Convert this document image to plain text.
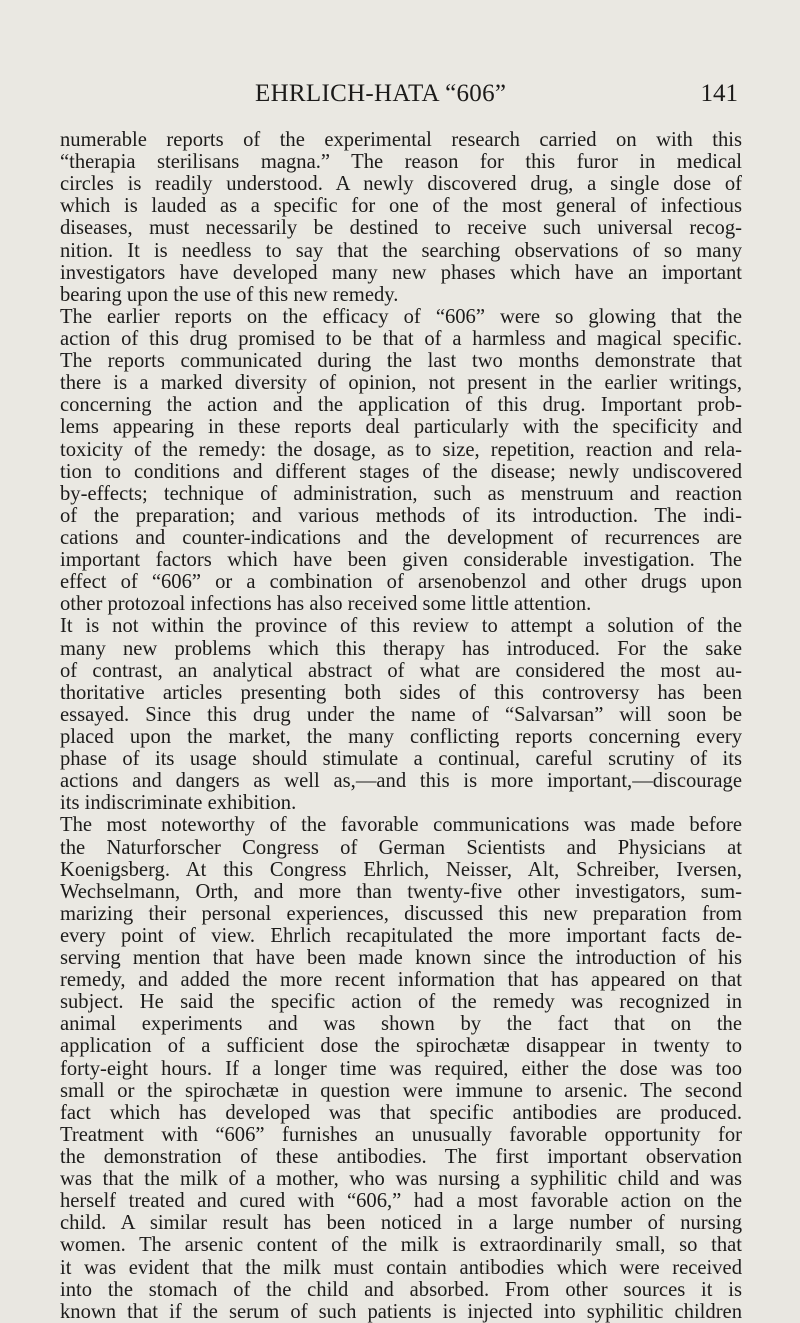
EHRLICH-HATA “606”	141
numerable reports of the experimental research carried on with this
“therapia sterilisans magna.” The reason for this furor in medical
circles is readily understood. A newly discovered drug, a single dose of
which is lauded as a specific for one of the most general of infectious
diseases, must necessarily be destined to receive such universal recog-
nition. It is needless to say that the searching observations of so many
investigators have developed many new phases which have an important
bearing upon the use of this new remedy.
The earlier reports on the efficacy of “606” were so glowing that the
action of this drug promised to be that of a harmless and magical specific.
The reports communicated during the last two months demonstrate that
there is a marked diversity of opinion, not present in the earlier writings,
concerning the action and the application of this drug. Important prob-
lems appearing in these reports deal particularly with the specificity and
toxicity of the remedy: the dosage, as to size, repetition, reaction and rela-
tion to conditions and different stages of the disease; newly undiscovered
by-effects; technique of administration, such as menstruum and reaction
of the preparation; and various methods of its introduction. The indi-
cations and counter-indications and the development of recurrences are
important factors which have been given considerable investigation. The
effect of “606” or a combination of arsenobenzol and other drugs upon
other protozoal infections has also received some little attention.
It is not within the province of this review to attempt a solution of the
many new problems which this therapy has introduced. For the sake
of contrast, an analytical abstract of what are considered the most au-
thoritative articles presenting both sides of this controversy has been
essayed. Since this drug under the name of “Salvarsan” will soon be
placed upon the market, the many conflicting reports concerning every
phase of its usage should stimulate a continual, careful scrutiny of its
actions and dangers as well as,—and this is more important,—discourage
its indiscriminate exhibition.
The most noteworthy of the favorable communications was made before
the Naturforscher Congress of German Scientists and Physicians at
Koenigsberg. At this Congress Ehrlich, Neisser, Alt, Schreiber, Iversen,
Wechselmann, Orth, and more than twenty-five other investigators, sum-
marizing their personal experiences, discussed this new preparation from
every point of view. Ehrlich recapitulated the more important facts de-
serving mention that have been made known since the introduction of his
remedy, and added the more recent information that has appeared on that
subject. He said the specific action of the remedy was recognized in
animal experiments and was shown by the fact that on the
application of a sufficient dose the spirochætæ disappear in twenty to
forty-eight hours. If a longer time was required, either the dose was too
small or the spirochætæ in question were immune to arsenic. The second
fact which has developed was that specific antibodies are produced.
Treatment with “606” furnishes an unusually favorable opportunity for
the demonstration of these antibodies. The first important observation
was that the milk of a mother, who was nursing a syphilitic child and was
herself treated and cured with “606,” had a most favorable action on the
child. A similar result has been noticed in a large number of nursing
women. The arsenic content of the milk is extraordinarily small, so that
it was evident that the milk must contain antibodies which were received
into the stomach of the child and absorbed. From other sources it is
known that if the serum of such patients is injected into syphilitic children
